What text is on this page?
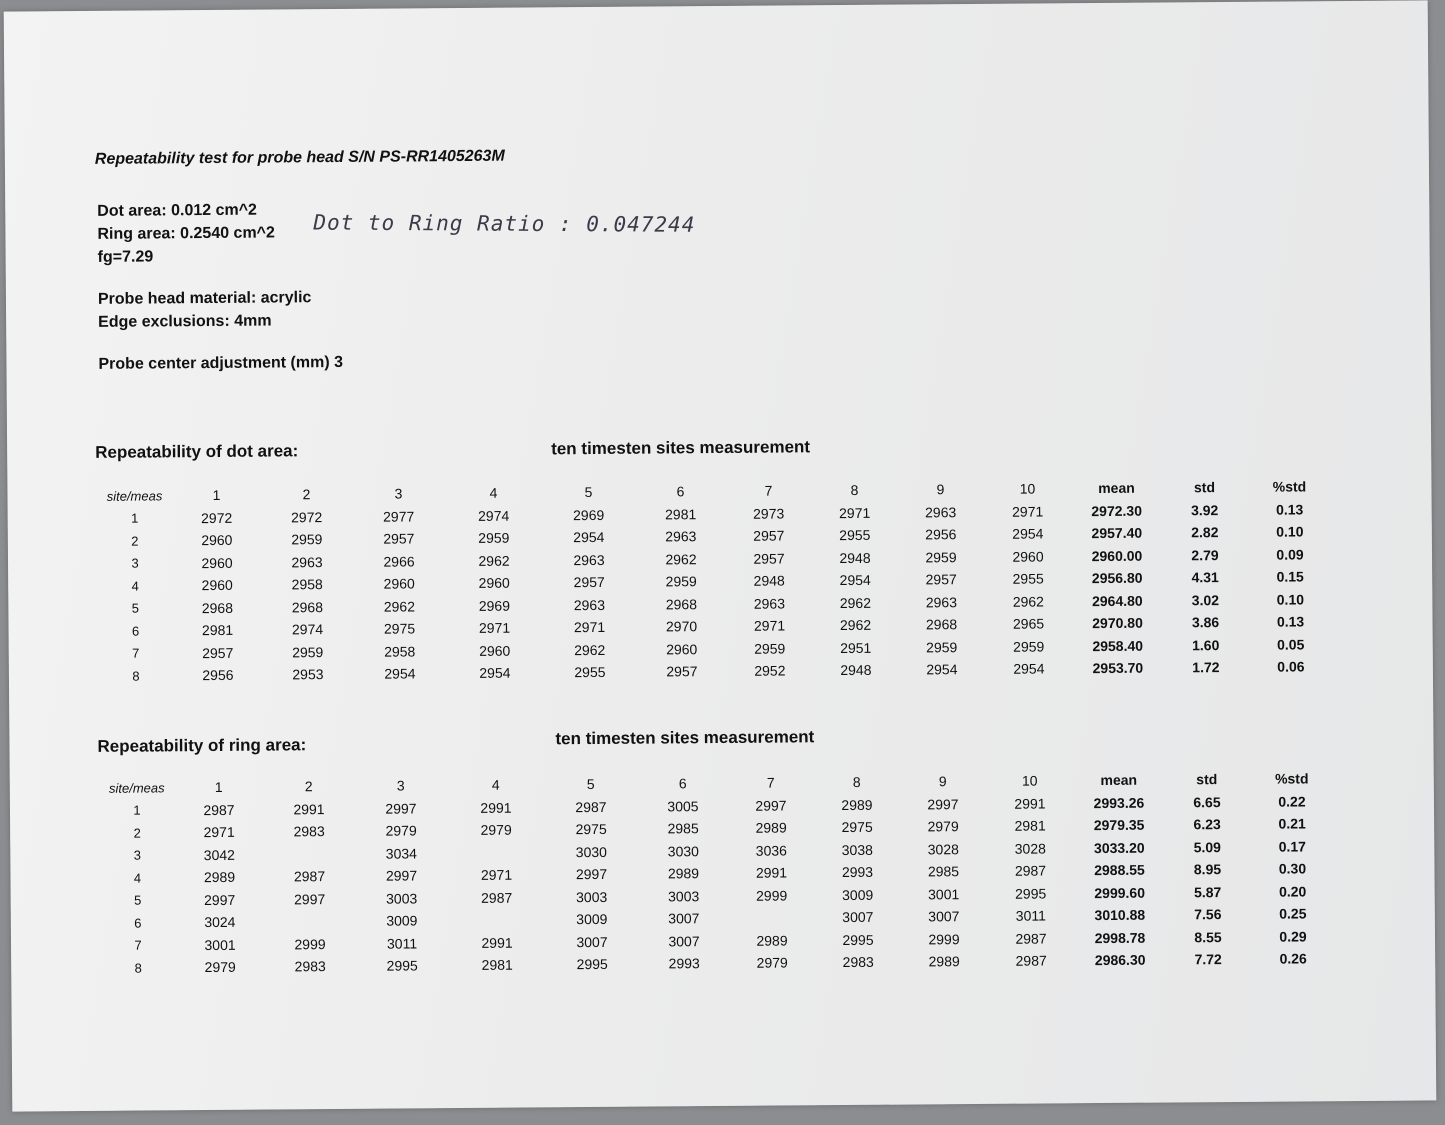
Repeatability test for probe head S/N PS-RR1405263M
Dot area: 0.012 cm^2
Ring area: 0.2540 cm^2
fg=7.29
Dot to Ring Ratio : 0.047244
Probe head material: acrylic
Edge exclusions: 4mm
Probe center adjustment (mm) 3
Repeatability of dot area:	ten timesten sites measurement
site/meas	1	2	3	4	5	6	7	8	9	10	mean	std	%std
1	2972	2972	2977	2974	2969	2981	2973	2971	2963	2971	2972.30	3.92	0.13
2	2960	2959	2957	2959	2954	2963	2957	2955	2956	2954	2957.40	2.82	0.10
3	2960	2963	2966	2962	2963	2962	2957	2948	2959	2960	2960.00	2.79	0.09
4	2960	2958	2960	2960	2957	2959	2948	2954	2957	2955	2956.80	4.31	0.15
5	2968	2968	2962	2969	2963	2968	2963	2962	2963	2962	2964.80	3.02	0.10
6	2981	2974	2975	2971	2971	2970	2971	2962	2968	2965	2970.80	3.86	0.13
7	2957	2959	2958	2960	2962	2960	2959	2951	2959	2959	2958.40	1.60	0.05
8	2956	2953	2954	2954	2955	2957	2952	2948	2954	2954	2953.70	1.72	0.06
Repeatability of ring area:	ten timesten sites measurement
site/meas	1	2	3	4	5	6	7	8	9	10	mean	std	%std
1	2987	2991	2997	2991	2987	3005	2997	2989	2997	2991	2993.26	6.65	0.22
2	2971	2983	2979	2979	2975	2985	2989	2975	2979	2981	2979.35	6.23	0.21
3	3042		3034		3030	3030	3036	3038	3028	3028	3033.20	5.09	0.17
4	2989	2987	2997	2971	2997	2989	2991	2993	2985	2987	2988.55	8.95	0.30
5	2997	2997	3003	2987	3003	3003	2999	3009	3001	2995	2999.60	5.87	0.20
6	3024		3009		3009	3007		3007	3007	3011	3010.88	7.56	0.25
7	3001	2999	3011	2991	3007	3007	2989	2995	2999	2987	2998.78	8.55	0.29
8	2979	2983	2995	2981	2995	2993	2979	2983	2989	2987	2986.30	7.72	0.26
